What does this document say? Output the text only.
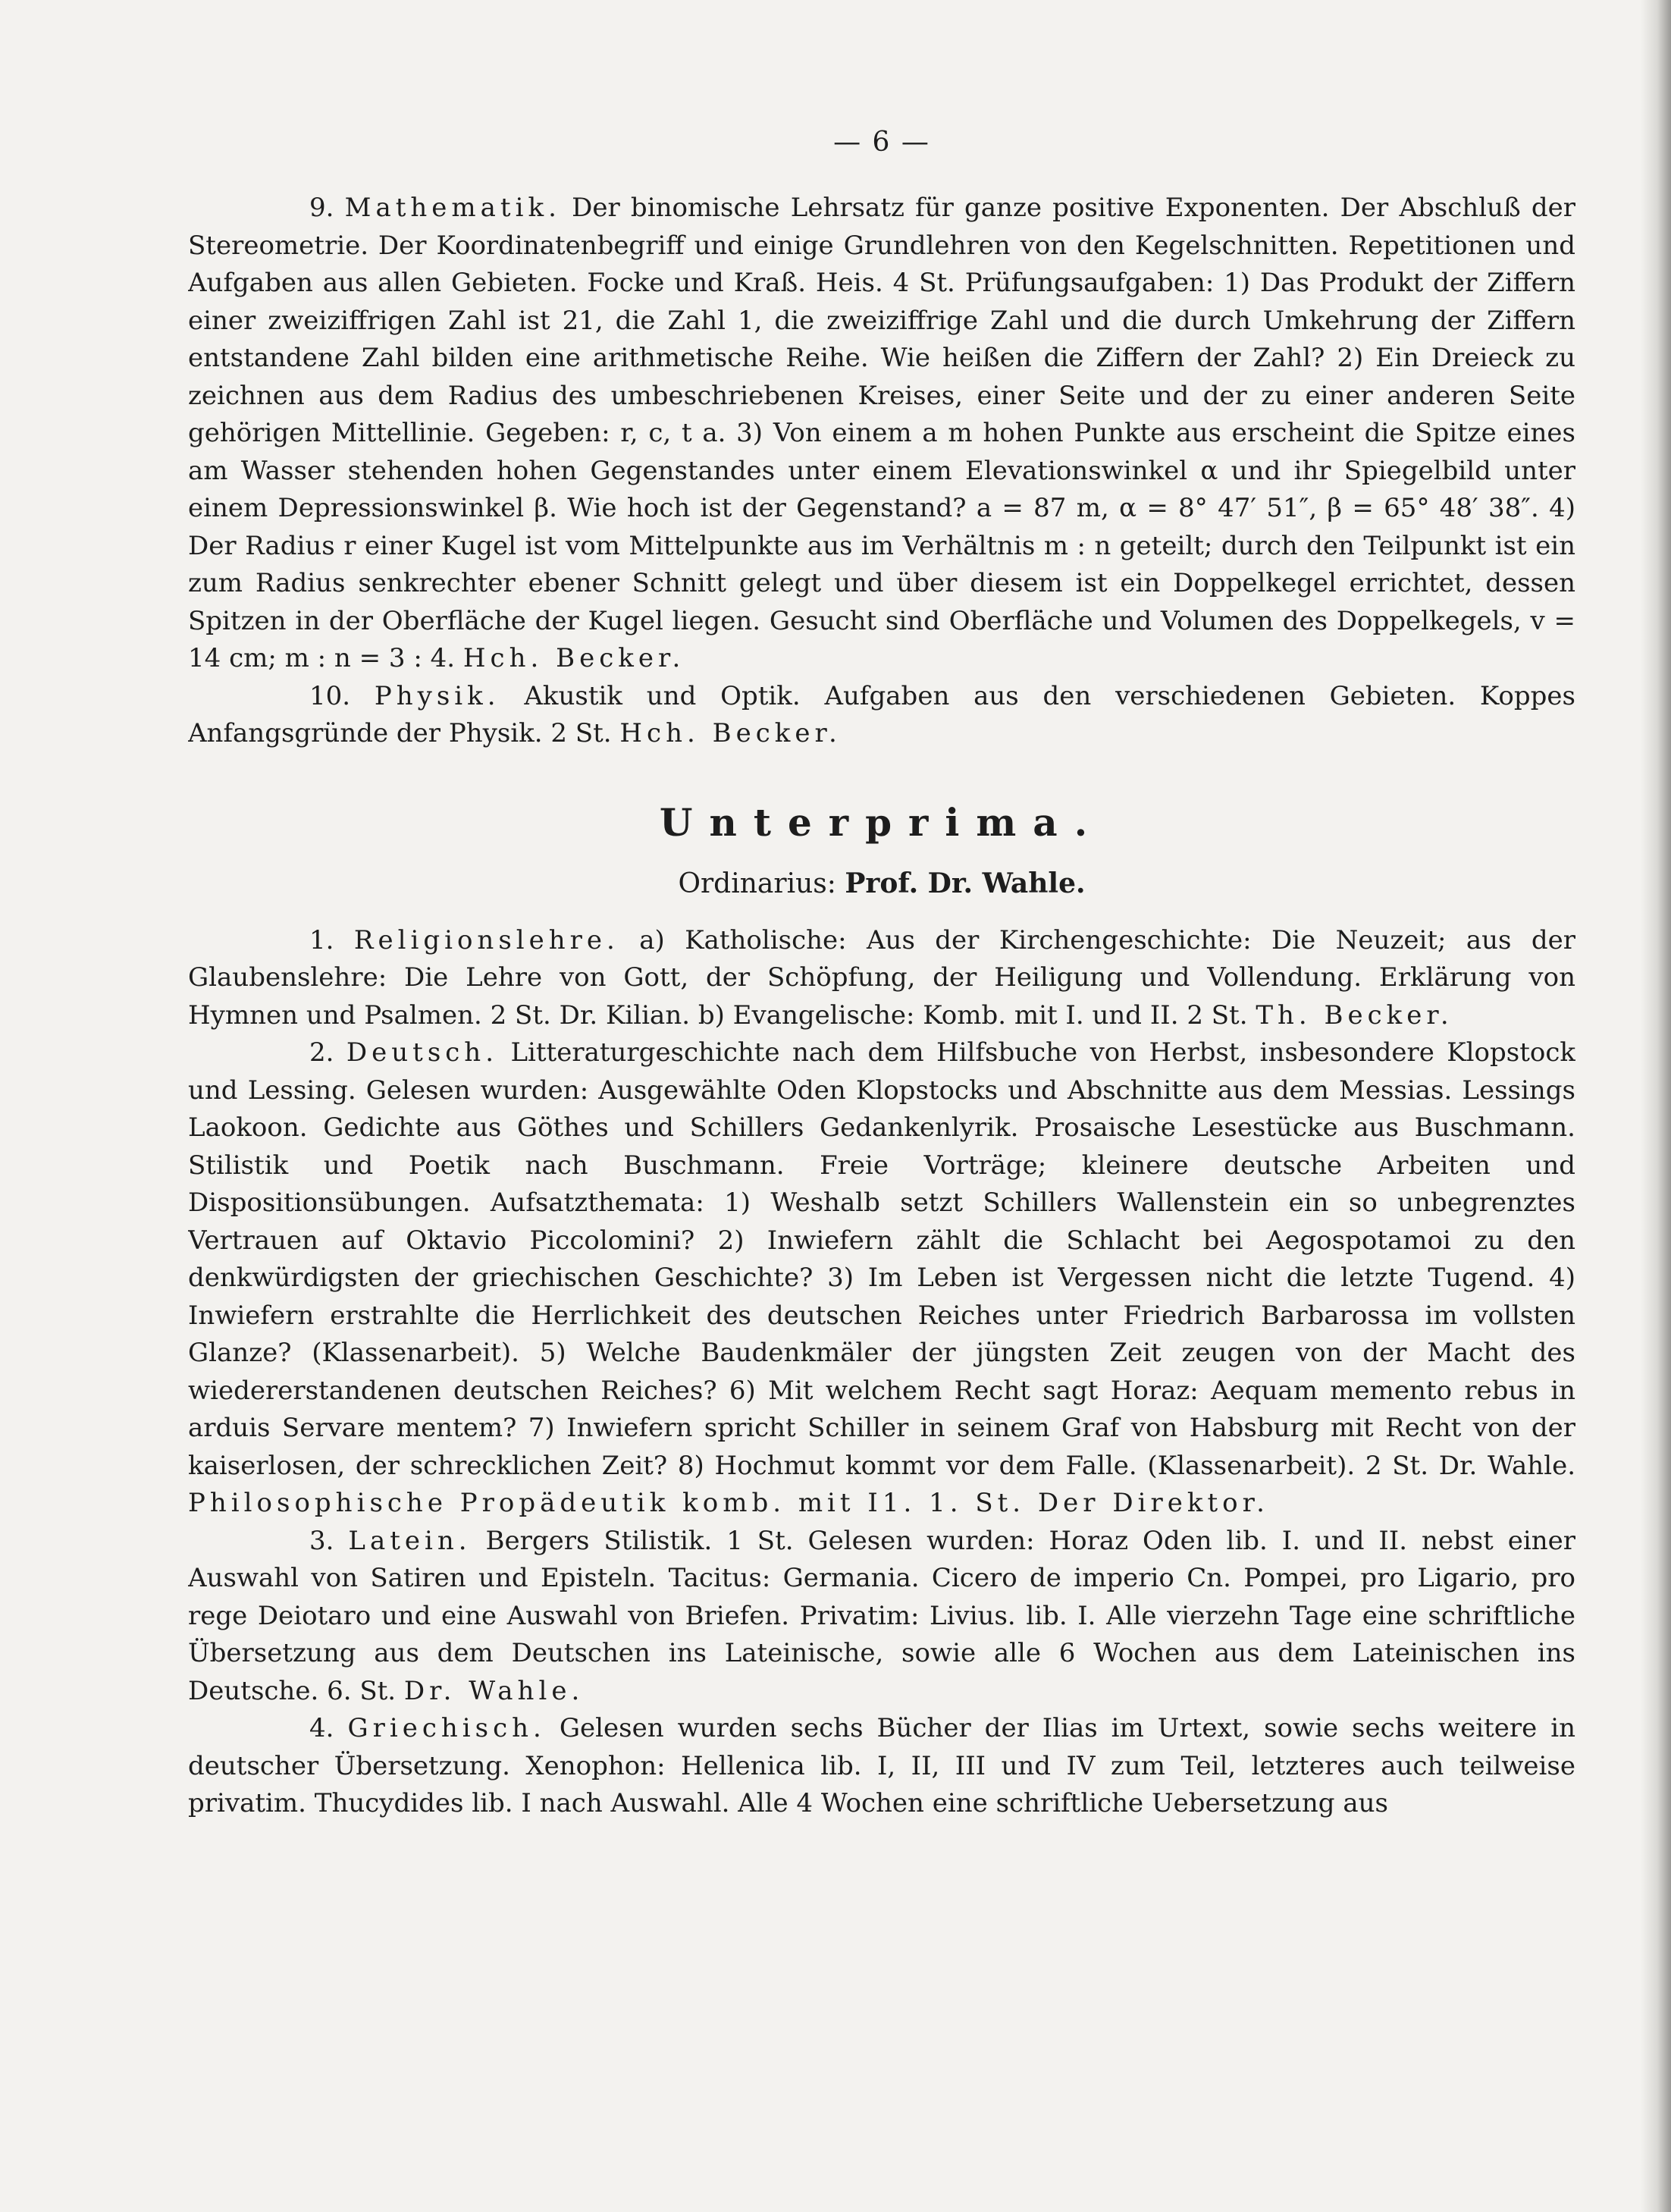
— 6 —

9. Mathematik. Der binomische Lehrsatz für ganze positive Exponenten. Der Abschluß der Stereometrie. Der Koordinatenbegriff und einige Grundlehren von den Kegelschnitten. Repetitionen und Aufgaben aus allen Gebieten. Focke und Kraß. Heis. 4 St. Prüfungsaufgaben: 1) Das Produkt der Ziffern einer zweiziffrigen Zahl ist 21, die Zahl 1, die zweiziffrige Zahl und die durch Umkehrung der Ziffern entstandene Zahl bilden eine arithmetische Reihe. Wie heißen die Ziffern der Zahl? 2) Ein Dreieck zu zeichnen aus dem Radius des umbeschriebenen Kreises, einer Seite und der zu einer anderen Seite gehörigen Mittellinie. Gegeben: r, c, t a. 3) Von einem a m hohen Punkte aus erscheint die Spitze eines am Wasser stehenden hohen Gegenstandes unter einem Elevationswinkel α und ihr Spiegelbild unter einem Depressionswinkel β. Wie hoch ist der Gegenstand? a = 87 m, α = 8° 47′ 51″, β = 65° 48′ 38″. 4) Der Radius r einer Kugel ist vom Mittelpunkte aus im Verhältnis m : n geteilt; durch den Teilpunkt ist ein zum Radius senkrechter ebener Schnitt gelegt und über diesem ist ein Doppelkegel errichtet, dessen Spitzen in der Oberfläche der Kugel liegen. Gesucht sind Oberfläche und Volumen des Doppelkegels, v = 14 cm; m : n = 3 : 4. Hch. Becker.

10. Physik. Akustik und Optik. Aufgaben aus den verschiedenen Gebieten. Koppes Anfangsgründe der Physik. 2 St. Hch. Becker.

Unterprima.
Ordinarius: Prof. Dr. Wahle.

1. Religionslehre. a) Katholische: Aus der Kirchengeschichte: Die Neuzeit; aus der Glaubenslehre: Die Lehre von Gott, der Schöpfung, der Heiligung und Vollendung. Erklärung von Hymnen und Psalmen. 2 St. Dr. Kilian. b) Evangelische: Komb. mit I. und II. 2 St. Th. Becker.

2. Deutsch. Litteraturgeschichte nach dem Hilfsbuche von Herbst, insbesondere Klopstock und Lessing. Gelesen wurden: Ausgewählte Oden Klopstocks und Abschnitte aus dem Messias. Lessings Laokoon. Gedichte aus Göthes und Schillers Gedankenlyrik. Prosaische Lesestücke aus Buschmann. Stilistik und Poetik nach Buschmann. Freie Vorträge; kleinere deutsche Arbeiten und Dispositionsübungen. Aufsatzthemata: 1) Weshalb setzt Schillers Wallenstein ein so unbegrenztes Vertrauen auf Oktavio Piccolomini? 2) Inwiefern zählt die Schlacht bei Aegospotamoi zu den denkwürdigsten der griechischen Geschichte? 3) Im Leben ist Vergessen nicht die letzte Tugend. 4) Inwiefern erstrahlte die Herrlichkeit des deutschen Reiches unter Friedrich Barbarossa im vollsten Glanze? (Klassenarbeit). 5) Welche Baudenkmäler der jüngsten Zeit zeugen von der Macht des wiedererstandenen deutschen Reiches? 6) Mit welchem Recht sagt Horaz: Aequam memento rebus in arduis Servare mentem? 7) Inwiefern spricht Schiller in seinem Graf von Habsburg mit Recht von der kaiserlosen, der schrecklichen Zeit? 8) Hochmut kommt vor dem Falle. (Klassenarbeit). 2 St. Dr. Wahle. Philosophische Propädeutik komb. mit I1. 1. St. Der Direktor.

3. Latein. Bergers Stilistik. 1 St. Gelesen wurden: Horaz Oden lib. I. und II. nebst einer Auswahl von Satiren und Episteln. Tacitus: Germania. Cicero de imperio Cn. Pompei, pro Ligario, pro rege Deiotaro und eine Auswahl von Briefen. Privatim: Livius. lib. I. Alle vierzehn Tage eine schriftliche Übersetzung aus dem Deutschen ins Lateinische, sowie alle 6 Wochen aus dem Lateinischen ins Deutsche. 6. St. Dr. Wahle.

4. Griechisch. Gelesen wurden sechs Bücher der Ilias im Urtext, sowie sechs weitere in deutscher Übersetzung. Xenophon: Hellenica lib. I, II, III und IV zum Teil, letzteres auch teilweise privatim. Thucydides lib. I nach Auswahl. Alle 4 Wochen eine schriftliche Uebersetzung aus
